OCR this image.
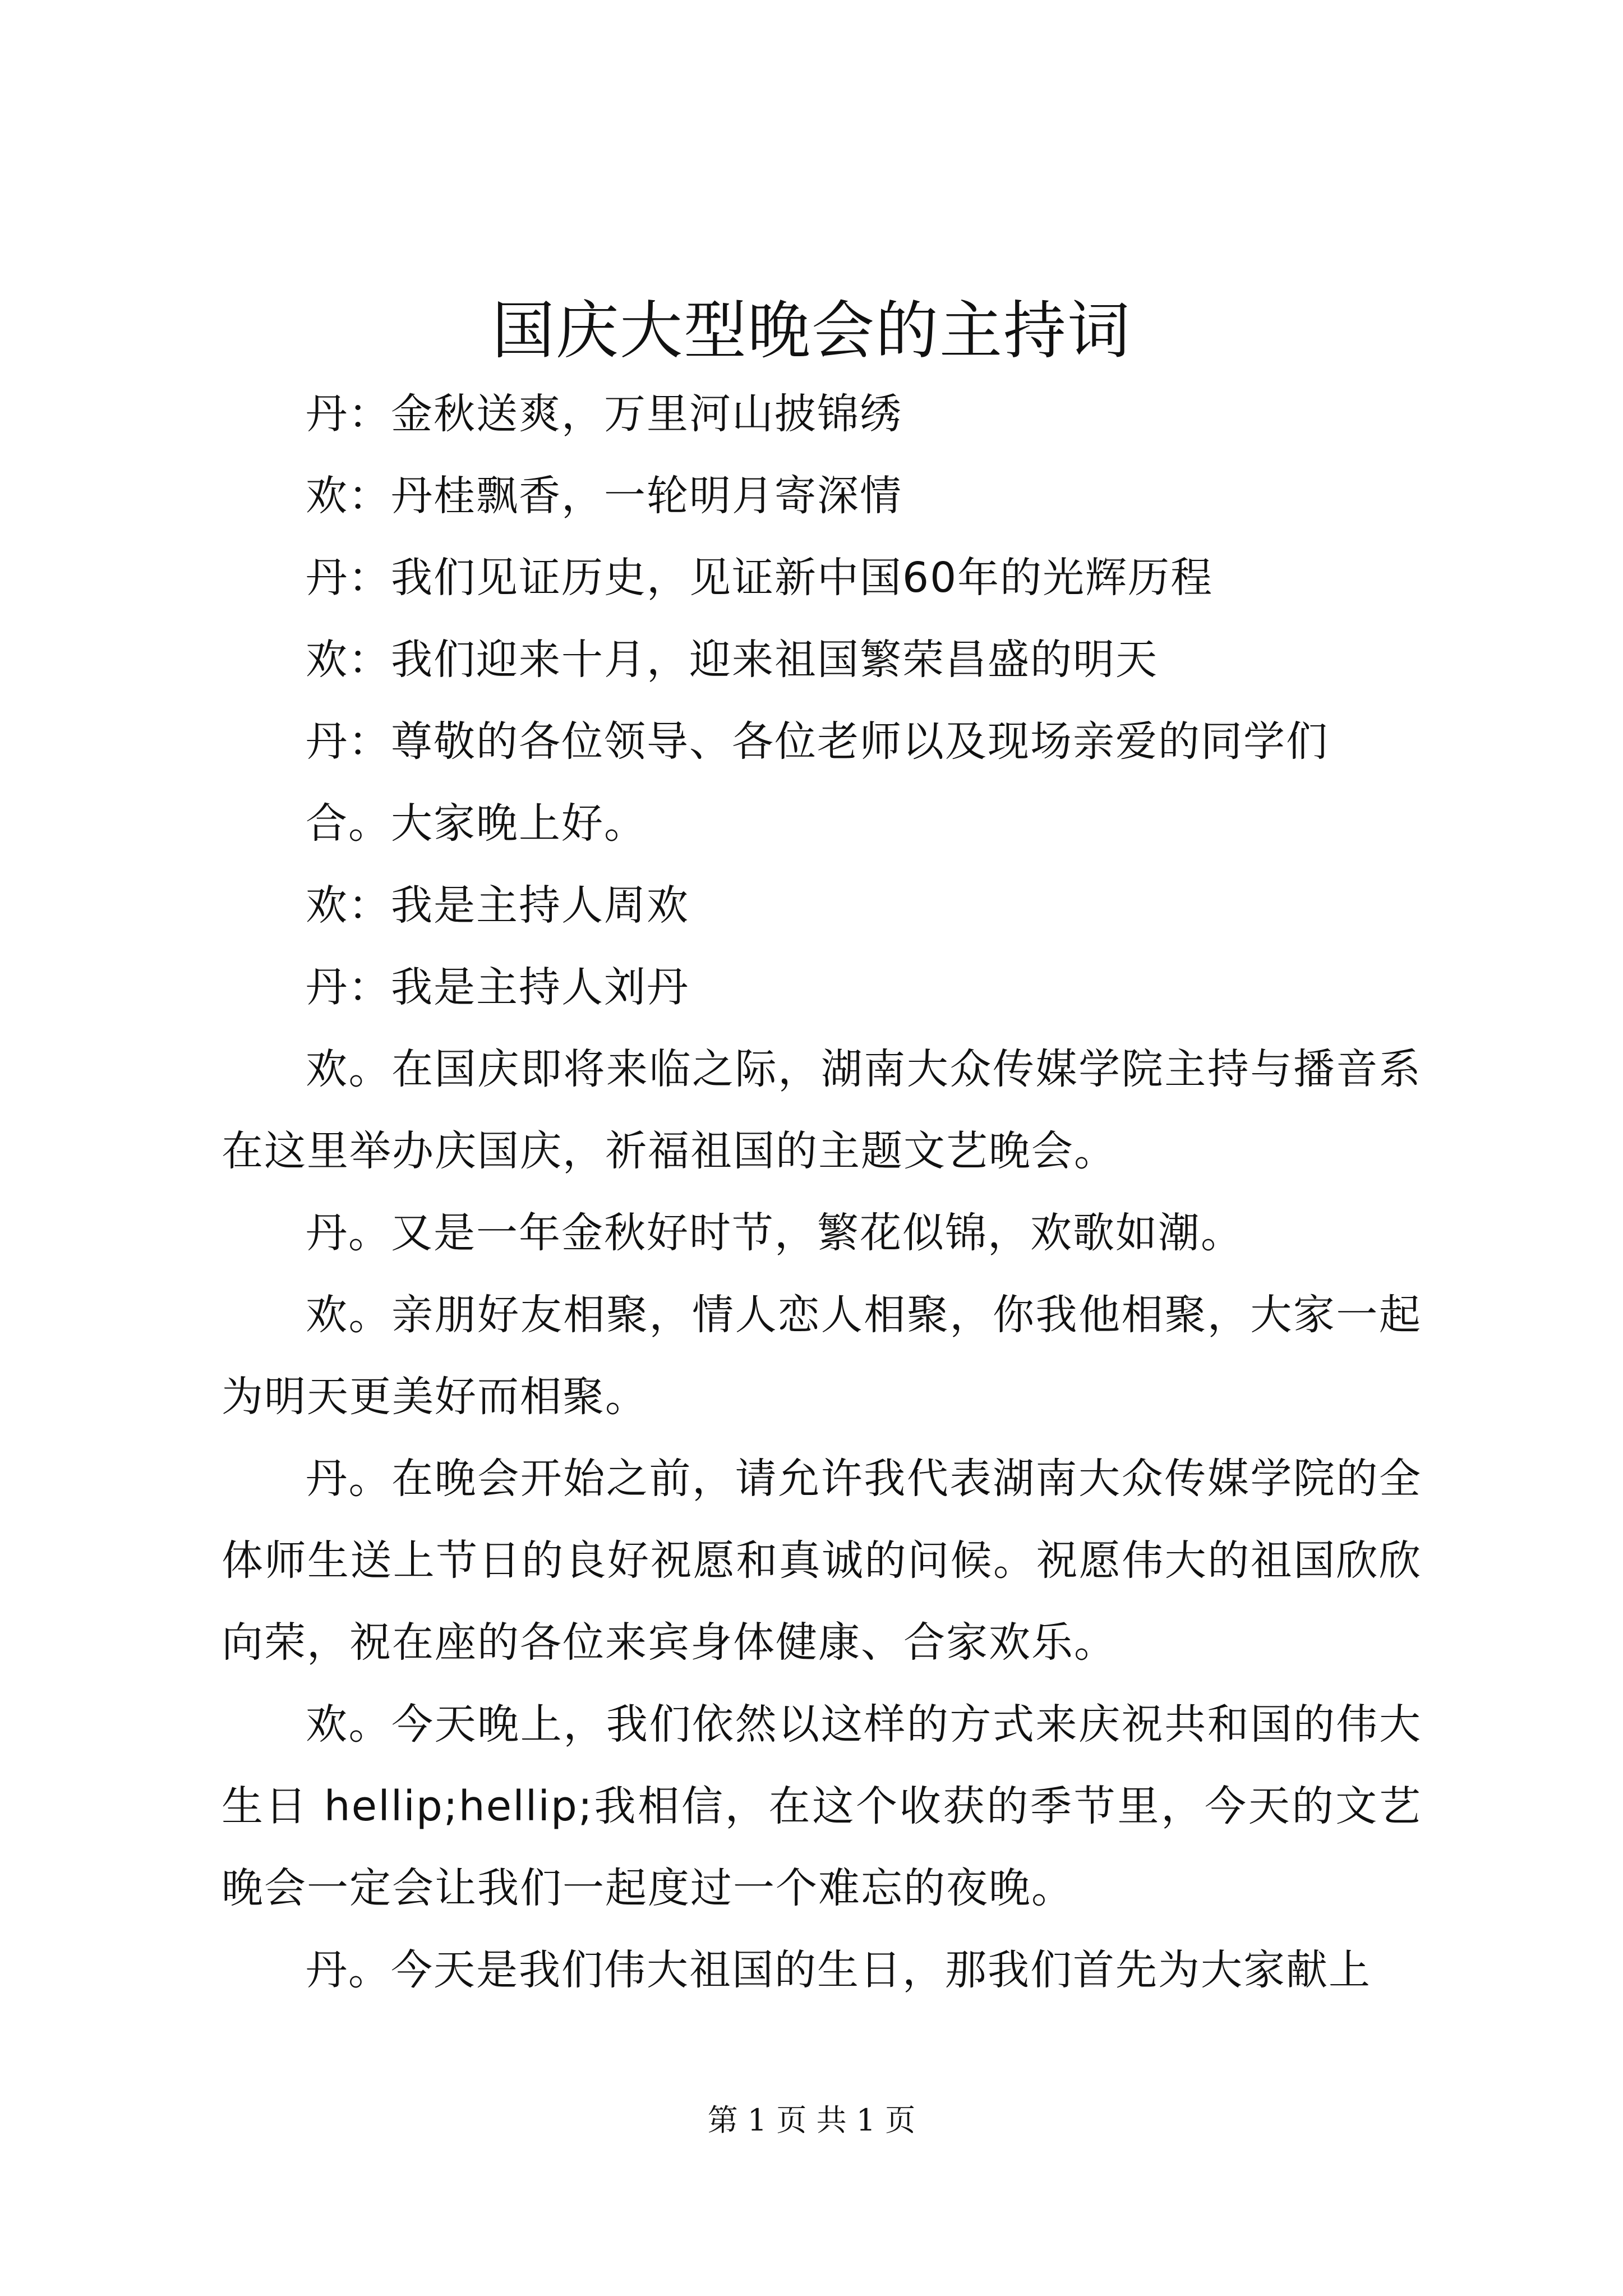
国庆大型晚会的主持词

丹：金秋送爽，万里河山披锦绣

欢：丹桂飘香，一轮明月寄深情

丹：我们见证历史，见证新中国60年的光辉历程

欢：我们迎来十月，迎来祖国繁荣昌盛的明天

丹：尊敬的各位领导、各位老师以及现场亲爱的同学们

合。大家晚上好。

欢：我是主持人周欢

丹：我是主持人刘丹

欢。在国庆即将来临之际，湖南大众传媒学院主持与播音系在这里举办庆国庆，祈福祖国的主题文艺晚会。

丹。又是一年金秋好时节，繁花似锦，欢歌如潮。

欢。亲朋好友相聚，情人恋人相聚，你我他相聚，大家一起为明天更美好而相聚。

丹。在晚会开始之前，请允许我代表湖南大众传媒学院的全体师生送上节日的良好祝愿和真诚的问候。祝愿伟大的祖国欣欣向荣，祝在座的各位来宾身体健康、合家欢乐。

欢。今天晚上，我们依然以这样的方式来庆祝共和国的伟大生日 hellip;hellip;我相信，在这个收获的季节里，今天的文艺晚会一定会让我们一起度过一个难忘的夜晚。

丹。今天是我们伟大祖国的生日，那我们首先为大家献上

第 1 页 共 1 页
